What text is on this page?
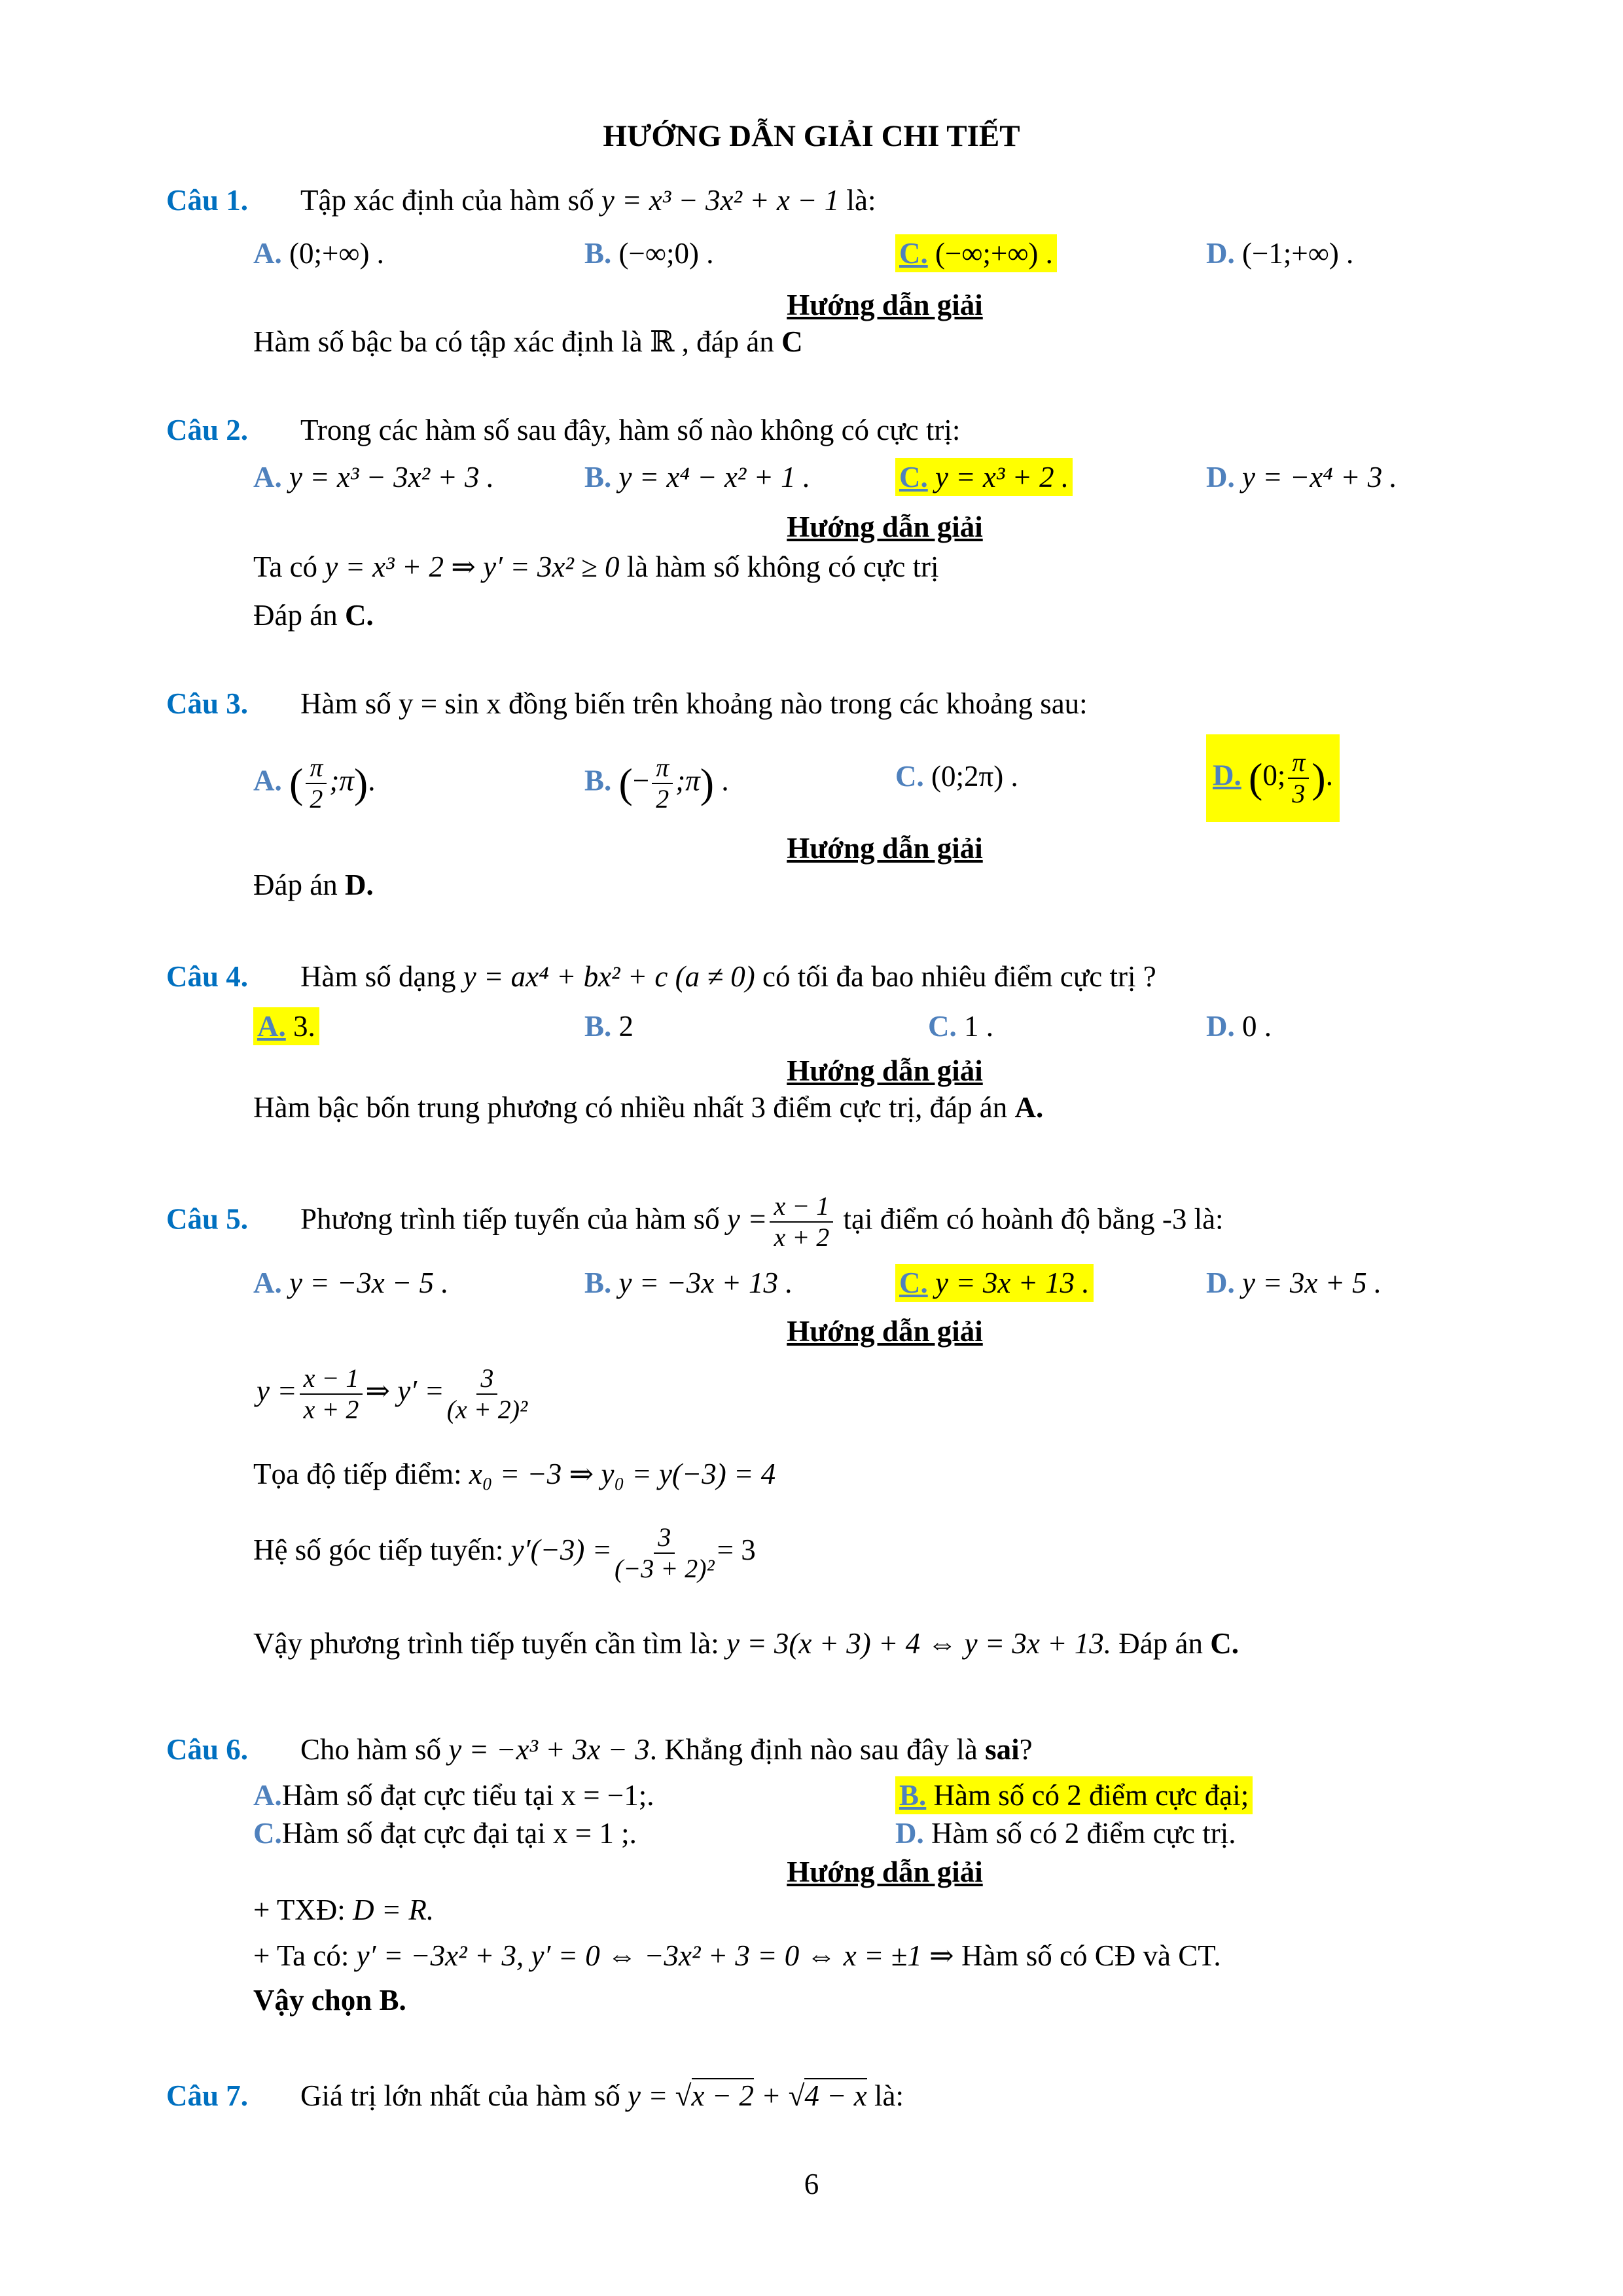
HƯỚNG DẪN GIẢI CHI TIẾT
Câu 1. Tập xác định của hàm số y = x³ − 3x² + x − 1 là:
A. (0;+∞) .	B. (−∞;0) .	C. (−∞;+∞) .	D. (−1;+∞) .
Hướng dẫn giải
Hàm số bậc ba có tập xác định là ℝ , đáp án C
Câu 2. Trong các hàm số sau đây, hàm số nào không có cực trị:
A. y = x³ − 3x² + 3 .	B. y = x⁴ − x² + 1 .	C. y = x³ + 2 .	D. y = −x⁴ + 3 .
Hướng dẫn giải
Ta có y = x³ + 2 ⇒ y′ = 3x² ≥ 0 là hàm số không có cực trị
Đáp án C.
Câu 3. Hàm số y = sin x đồng biến trên khoảng nào trong các khoảng sau:
A. ( $\frac{\pi}{2}$ ;π).	B. (− $\frac{\pi}{2}$ ;π) .	C. (0;2π) .	D. (0; $\frac{\pi}{3}$ ).
Hướng dẫn giải
Đáp án D.
Câu 4. Hàm số dạng y = ax⁴ + bx² + c (a ≠ 0) có tối đa bao nhiêu điểm cực trị ?
A. 3.	B. 2	C. 1 .	D. 0 .
Hướng dẫn giải
Hàm bậc bốn trung phương có nhiều nhất 3 điểm cực trị, đáp án A.
Câu 5. Phương trình tiếp tuyến của hàm số $y = \frac{x - 1}{x + 2}$ tại điểm có hoành độ bằng -3 là:
A. y = −3x − 5 .	B. y = −3x + 13 .	C. y = 3x + 13 .	D. y = 3x + 5 .
Hướng dẫn giải
$y = \frac{x - 1}{x + 2}$ ⇒ $y' = \frac{3}{\text{(x + 2)²}}$
Tọa độ tiếp điểm: x₀ = −3 ⇒ y₀ = y(−3) = 4
Hệ số góc tiếp tuyến: $y'(-3) = \frac{3}{\text{(−3 + 2)²}} = 3$
Vậy phương trình tiếp tuyến cần tìm là: y = 3(x + 3) + 4 ⇔ y = 3x + 13. Đáp án C.
Câu 6. Cho hàm số y = −x³ + 3x − 3. Khẳng định nào sau đây là sai?
A.Hàm số đạt cực tiểu tại x = −1;.	B. Hàm số có 2 điểm cực đại;
C.Hàm số đạt cực đại tại x = 1 ;.	D. Hàm số có 2 điểm cực trị.
Hướng dẫn giải
+ TXĐ: D = R.
+ Ta có: y′ = −3x² + 3, y′ = 0 ⇔ −3x² + 3 = 0 ⇔ x = ±1 ⇒ Hàm số có CĐ và CT.
Vậy chọn B.
Câu 7. Giá trị lớn nhất của hàm số y = √x − 2 + √4 − x là:
6
